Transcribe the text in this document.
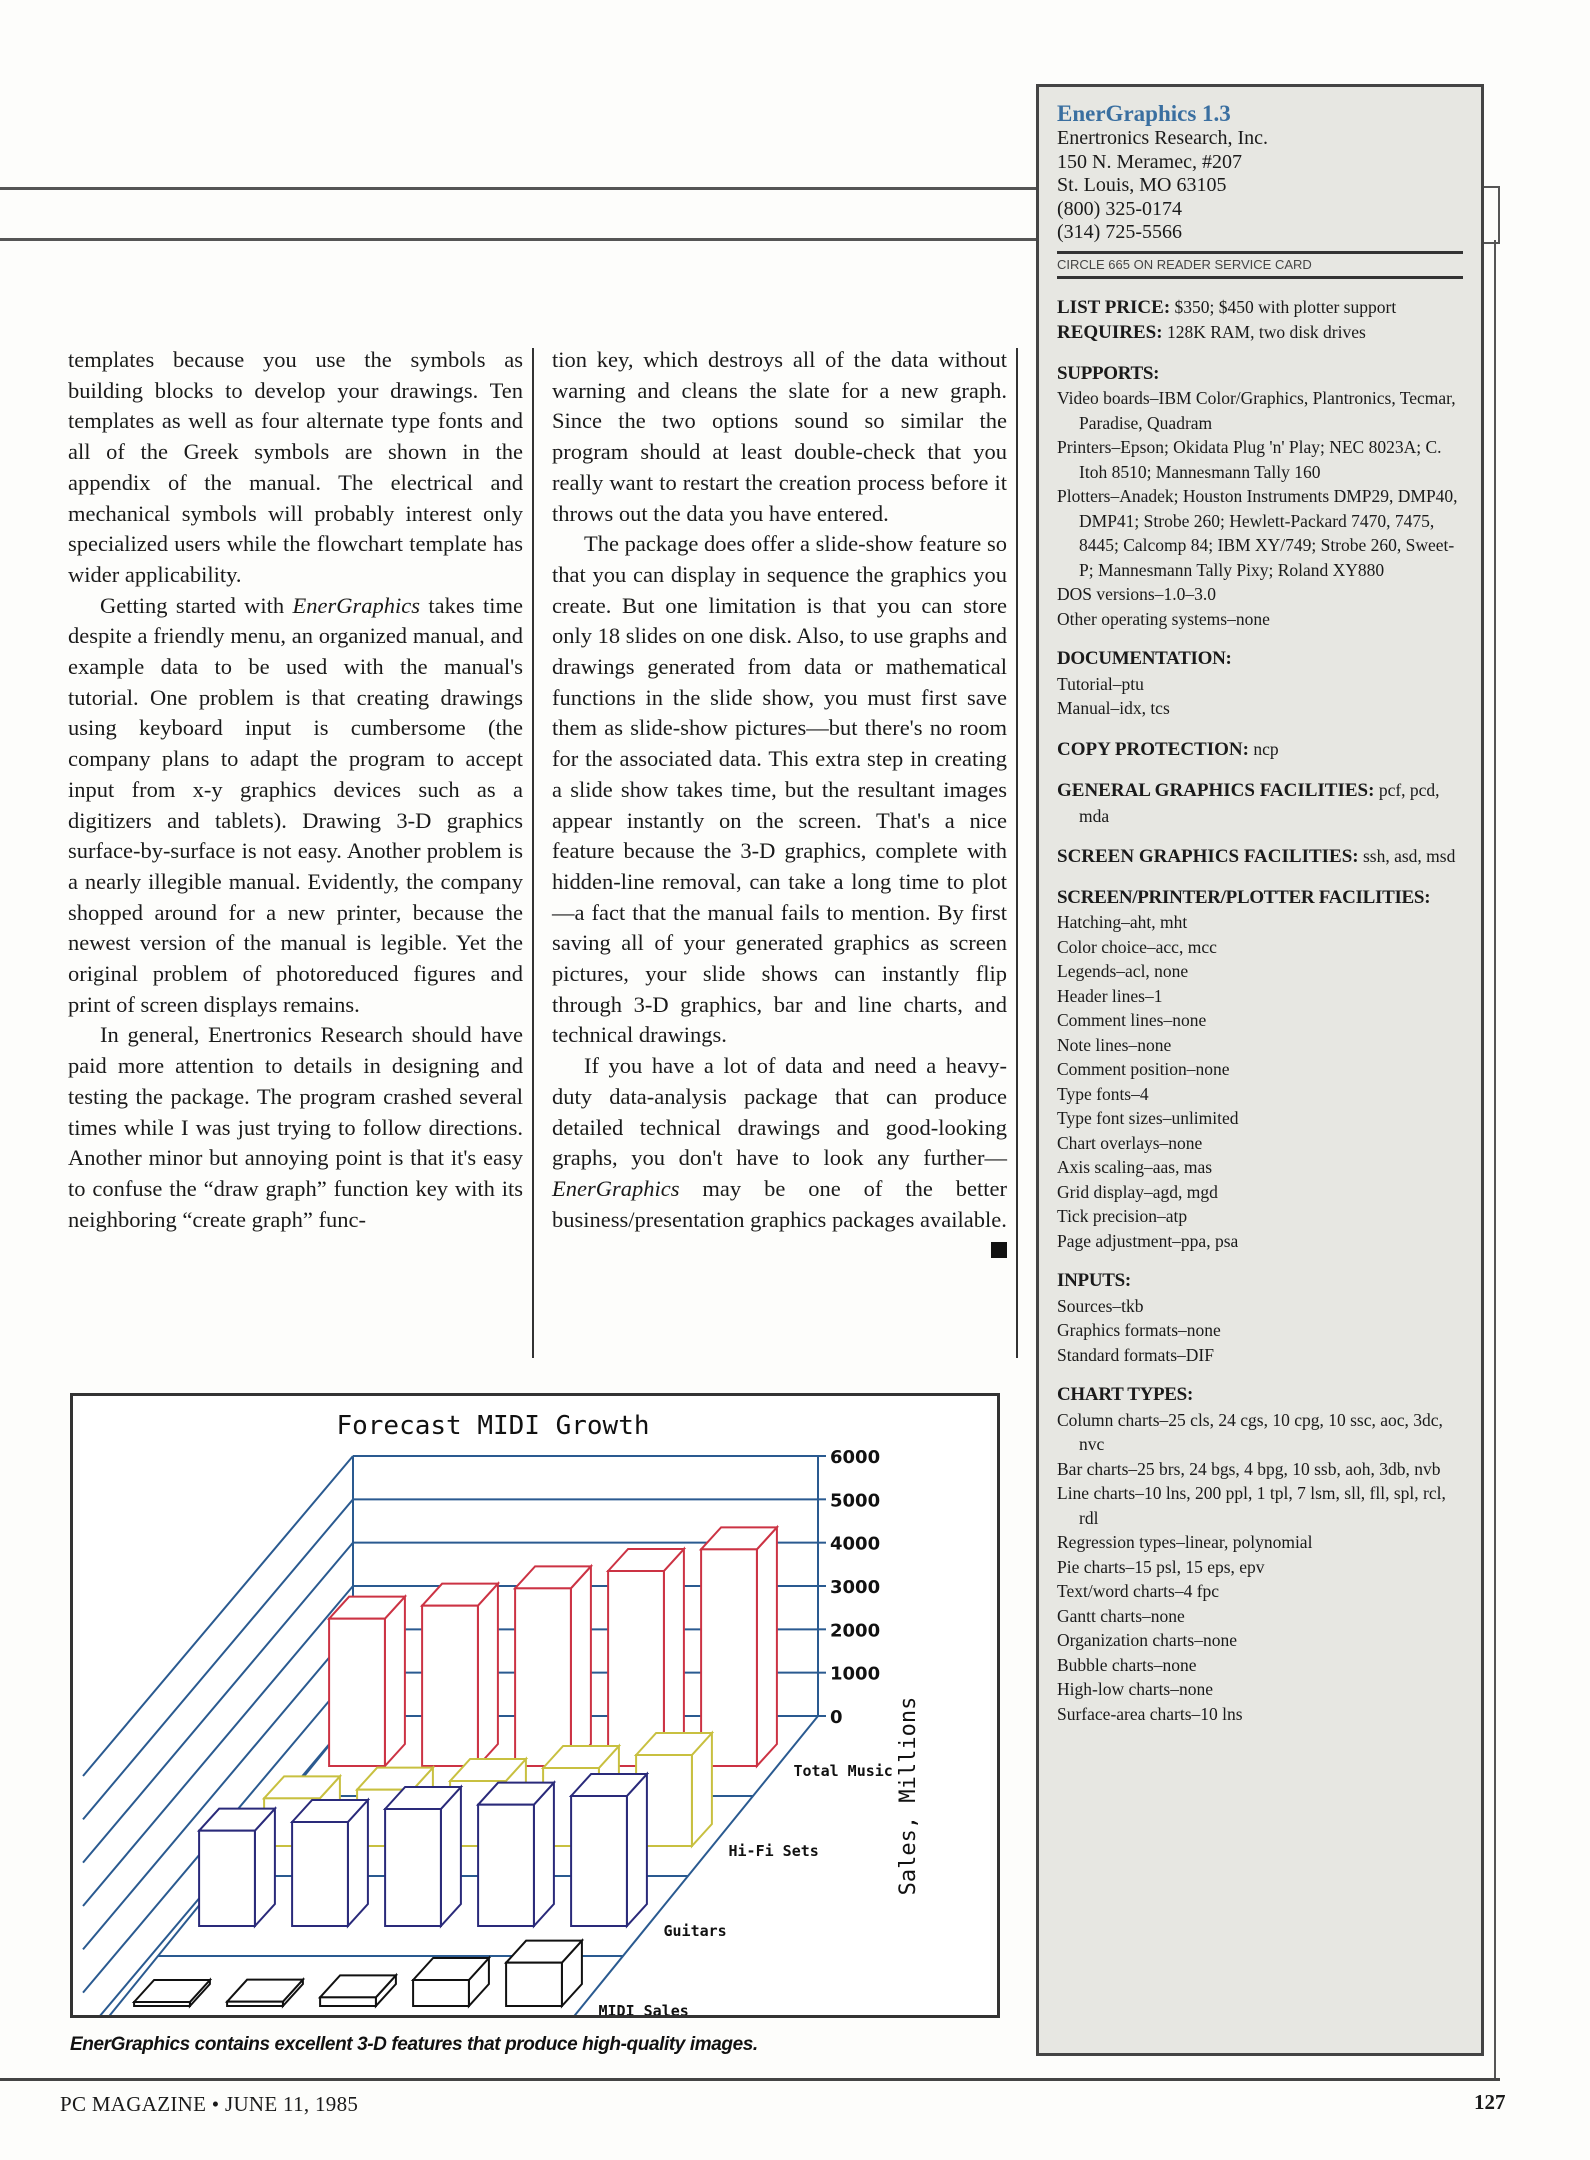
templates because you use the symbols as building blocks to develop your drawings. Ten templates as well as four alternate type fonts and all of the Greek symbols are shown in the appendix of the manual. The electrical and mechanical symbols will probably interest only specialized users while the flowchart template has wider applicability.

Getting started with EnerGraphics takes time despite a friendly menu, an organized manual, and example data to be used with the manual's tutorial. One problem is that creating drawings using keyboard input is cumbersome (the company plans to adapt the program to accept input from x-y graphics devices such as a digitizers and tablets). Drawing 3-D graphics surface-by-surface is not easy. Another problem is a nearly illegible manual. Evidently, the company shopped around for a new printer, because the newest version of the manual is legible. Yet the original problem of photoreduced figures and print of screen displays remains.

In general, Enertronics Research should have paid more attention to details in designing and testing the package. The program crashed several times while I was just trying to follow directions. Another minor but annoying point is that it's easy to confuse the “draw graph” function key with its neighboring “create graph” func-

tion key, which destroys all of the data without warning and cleans the slate for a new graph. Since the two options sound so similar the program should at least double-check that you really want to restart the creation process before it throws out the data you have entered.

The package does offer a slide-show feature so that you can display in sequence the graphics you create. But one limitation is that you can store only 18 slides on one disk. Also, to use graphs and drawings generated from data or mathematical functions in the slide show, you must first save them as slide-show pictures—but there's no room for the associated data. This extra step in creating a slide show takes time, but the resultant images appear instantly on the screen. That's a nice feature because the 3-D graphics, complete with hidden-line removal, can take a long time to plot—a fact that the manual fails to mention. By first saving all of your generated graphics as screen pictures, your slide shows can instantly flip through 3-D graphics, bar and line charts, and technical drawings.

If you have a lot of data and need a heavy-duty data-analysis package that can produce detailed technical drawings and good-looking graphs, you don't have to look any further—EnerGraphics may be one of the better business/presentation graphics packages available.

EnerGraphics 1.3
Enertronics Research, Inc.
150 N. Meramec, #207
St. Louis, MO 63105
(800) 325-0174
(314) 725-5566
CIRCLE 665 ON READER SERVICE CARD
LIST PRICE: $350; $450 with plotter support
REQUIRES: 128K RAM, two disk drives
SUPPORTS:
Video boards–IBM Color/Graphics, Plantronics, Tecmar, Paradise, Quadram
Printers–Epson; Okidata Plug 'n' Play; NEC 8023A; C. Itoh 8510; Mannesmann Tally 160
Plotters–Anadek; Houston Instruments DMP29, DMP40, DMP41; Strobe 260; Hewlett-Packard 7470, 7475, 8445; Calcomp 84; IBM XY/749; Strobe 260, Sweet-P; Mannesmann Tally Pixy; Roland XY880
DOS versions–1.0–3.0
Other operating systems–none
DOCUMENTATION:
Tutorial–ptu
Manual–idx, tcs
COPY PROTECTION: ncp
GENERAL GRAPHICS FACILITIES: pcf, pcd, mda
SCREEN GRAPHICS FACILITIES: ssh, asd, msd
SCREEN/PRINTER/PLOTTER FACILITIES:
Hatching–aht, mht
Color choice–acc, mcc
Legends–acl, none
Header lines–1
Comment lines–none
Note lines–none
Comment position–none
Type fonts–4
Type font sizes–unlimited
Chart overlays–none
Axis scaling–aas, mas
Grid display–agd, mgd
Tick precision–atp
Page adjustment–ppa, psa
INPUTS:
Sources–tkb
Graphics formats–none
Standard formats–DIF
CHART TYPES:
Column charts–25 cls, 24 cgs, 10 cpg, 10 ssc, aoc, 3dc, nvc
Bar charts–25 brs, 24 bgs, 4 bpg, 10 ssb, aoh, 3db, nvb
Line charts–10 lns, 200 ppl, 1 tpl, 7 lsm, sll, fll, spl, rcl, rdl
Regression types–linear, polynomial
Pie charts–15 psl, 15 eps, epv
Text/word charts–4 fpc
Gantt charts–none
Organization charts–none
Bubble charts–none
High-low charts–none
Surface-area charts–10 lns
Forecast MIDI Growth
0
1000
2000
3000
4000
5000
6000
Total Music
Hi-Fi Sets
Guitars
MIDI Sales
Sales, Millions
EnerGraphics contains excellent 3-D features that produce high-quality images.
PC MAGAZINE • JUNE 11, 1985	127
